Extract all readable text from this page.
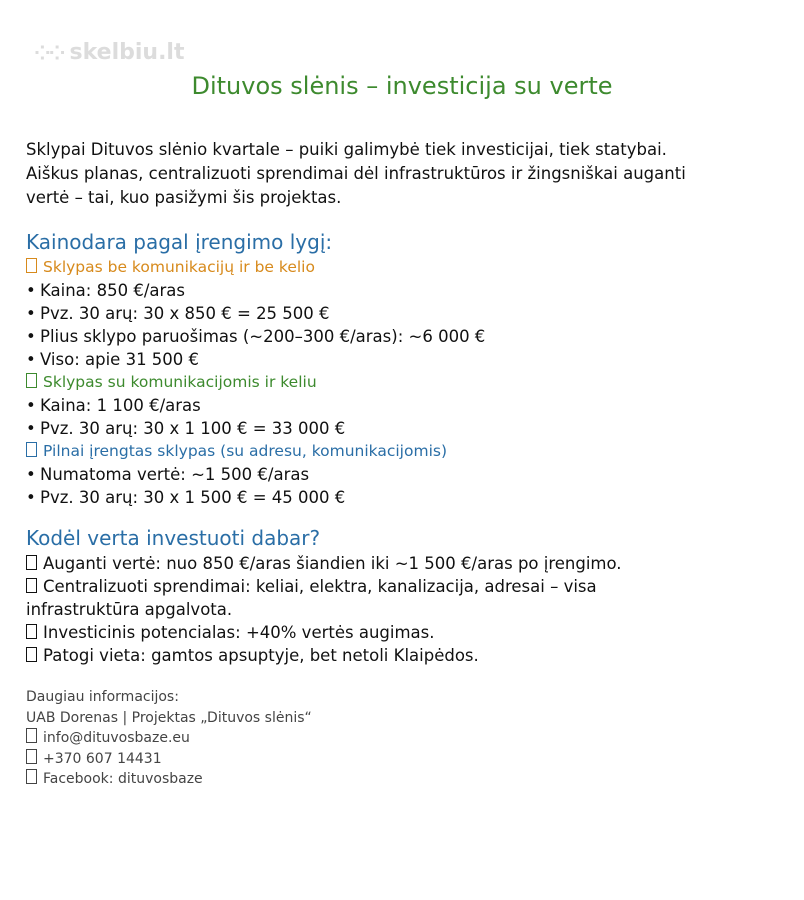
⁘⁘ skelbiu.lt
Dituvos slėnis – investicija su verte

Sklypai Dituvos slėnio kvartale – puiki galimybė tiek investicijai, tiek statybai.

Aiškus planas, centralizuoti sprendimai dėl infrastruktūros ir žingsniškai auganti

vertė – tai, kuo pasižymi šis projektas.

Kainodara pagal įrengimo lygį:
Sklypas be komunikacijų ir be kelio
• Kaina: 850 €/aras
• Pvz. 30 arų: 30 x 850 € = 25 500 €
• Plius sklypo paruošimas (~200–300 €/aras): ~6 000 €
• Viso: apie 31 500 €
Sklypas su komunikacijomis ir keliu
• Kaina: 1 100 €/aras
• Pvz. 30 arų: 30 x 1 100 € = 33 000 €
Pilnai įrengtas sklypas (su adresu, komunikacijomis)
• Numatoma vertė: ~1 500 €/aras
• Pvz. 30 arų: 30 x 1 500 € = 45 000 €
Kodėl verta investuoti dabar?
Auganti vertė: nuo 850 €/aras šiandien iki ~1 500 €/aras po įrengimo.
Centralizuoti sprendimai: keliai, elektra, kanalizacija, adresai – visa
infrastruktūra apgalvota.
Investicinis potencialas: +40% vertės augimas.
Patogi vieta: gamtos apsuptyje, bet netoli Klaipėdos.
Daugiau informacijos:
UAB Dorenas | Projektas „Dituvos slėnis“
info@dituvosbaze.eu
+370 607 14431
Facebook: dituvosbaze
